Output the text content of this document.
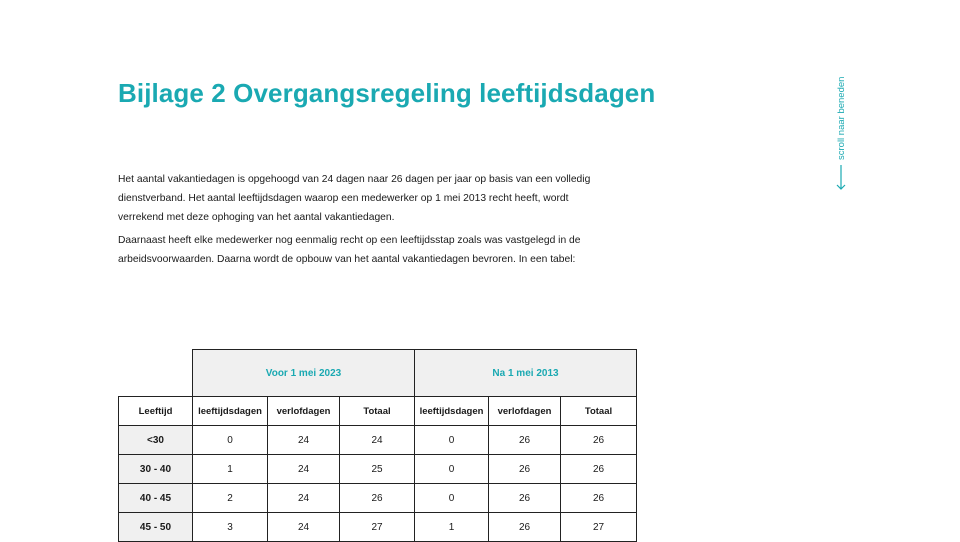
Bijlage 2 Overgangsregeling leeftijdsdagen

Het aantal vakantiedagen is opgehoogd van 24 dagen naar 26 dagen per jaar op basis van een volledig dienstverband. Het aantal leeftijdsdagen waarop een medewerker op 1 mei 2013 recht heeft, wordt verrekend met deze ophoging van het aantal vakantiedagen.

Daarnaast heeft elke medewerker nog eenmalig recht op een leeftijdsstap zoals was vastgelegd in de arbeidsvoorwaarden. Daarna wordt de opbouw van het aantal vakantiedagen bevroren. In een tabel:

scroll naar beneden
	Voor 1 mei 2023			Na 1 mei 2013		
Leeftijd	leeftijdsdagen	verlofdagen	Totaal	leeftijdsdagen	verlofdagen	Totaal
<30	0	24	24	0	26	26
30 - 40	1	24	25	0	26	26
40 - 45	2	24	26	0	26	26
45 - 50	3	24	27	1	26	27
